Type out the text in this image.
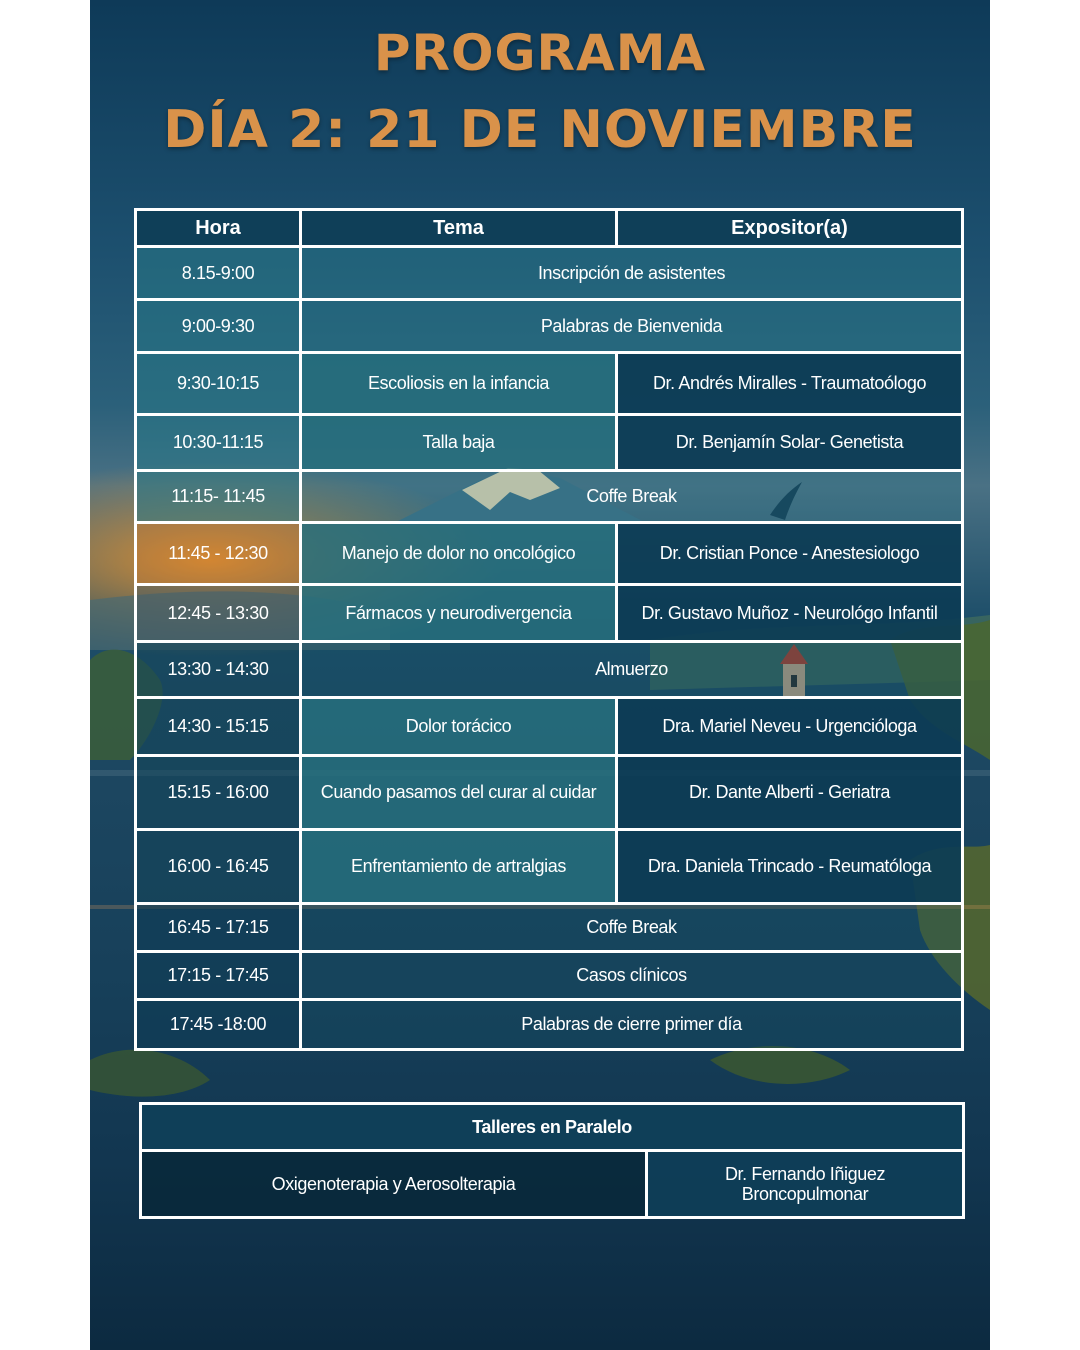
PROGRAMA
DÍA 2: 21 DE NOVIEMBRE
Hora	Tema	Expositor(a)
8.15-9:00	Inscripción de asistentes	
9:00-9:30	Palabras de Bienvenida	
9:30-10:15	Escoliosis en la infancia	Dr. Andrés Miralles - Traumatoólogo
10:30-11:15	Talla baja	Dr. Benjamín Solar- Genetista
11:15- 11:45	Coffe Break	
11:45 - 12:30	Manejo de dolor no oncológico	Dr. Cristian Ponce - Anestesiologo
12:45 - 13:30	Fármacos y neurodivergencia	Dr. Gustavo Muñoz - Neurológo Infantil
13:30 - 14:30	Almuerzo	
14:30 - 15:15	Dolor torácico	Dra. Mariel Neveu - Urgencióloga
15:15 - 16:00	Cuando pasamos del curar al cuidar	Dr. Dante Alberti - Geriatra
16:00 - 16:45	Enfrentamiento de artralgias	Dra. Daniela Trincado - Reumatóloga
16:45 - 17:15	Coffe Break	
17:15 - 17:45	Casos clínicos	
17:45 -18:00	Palabras de cierre primer día	
Talleres en Paralelo
Oxigenoterapia y Aerosolterapia	Dr. Fernando Iñiguez
Broncopulmonar
